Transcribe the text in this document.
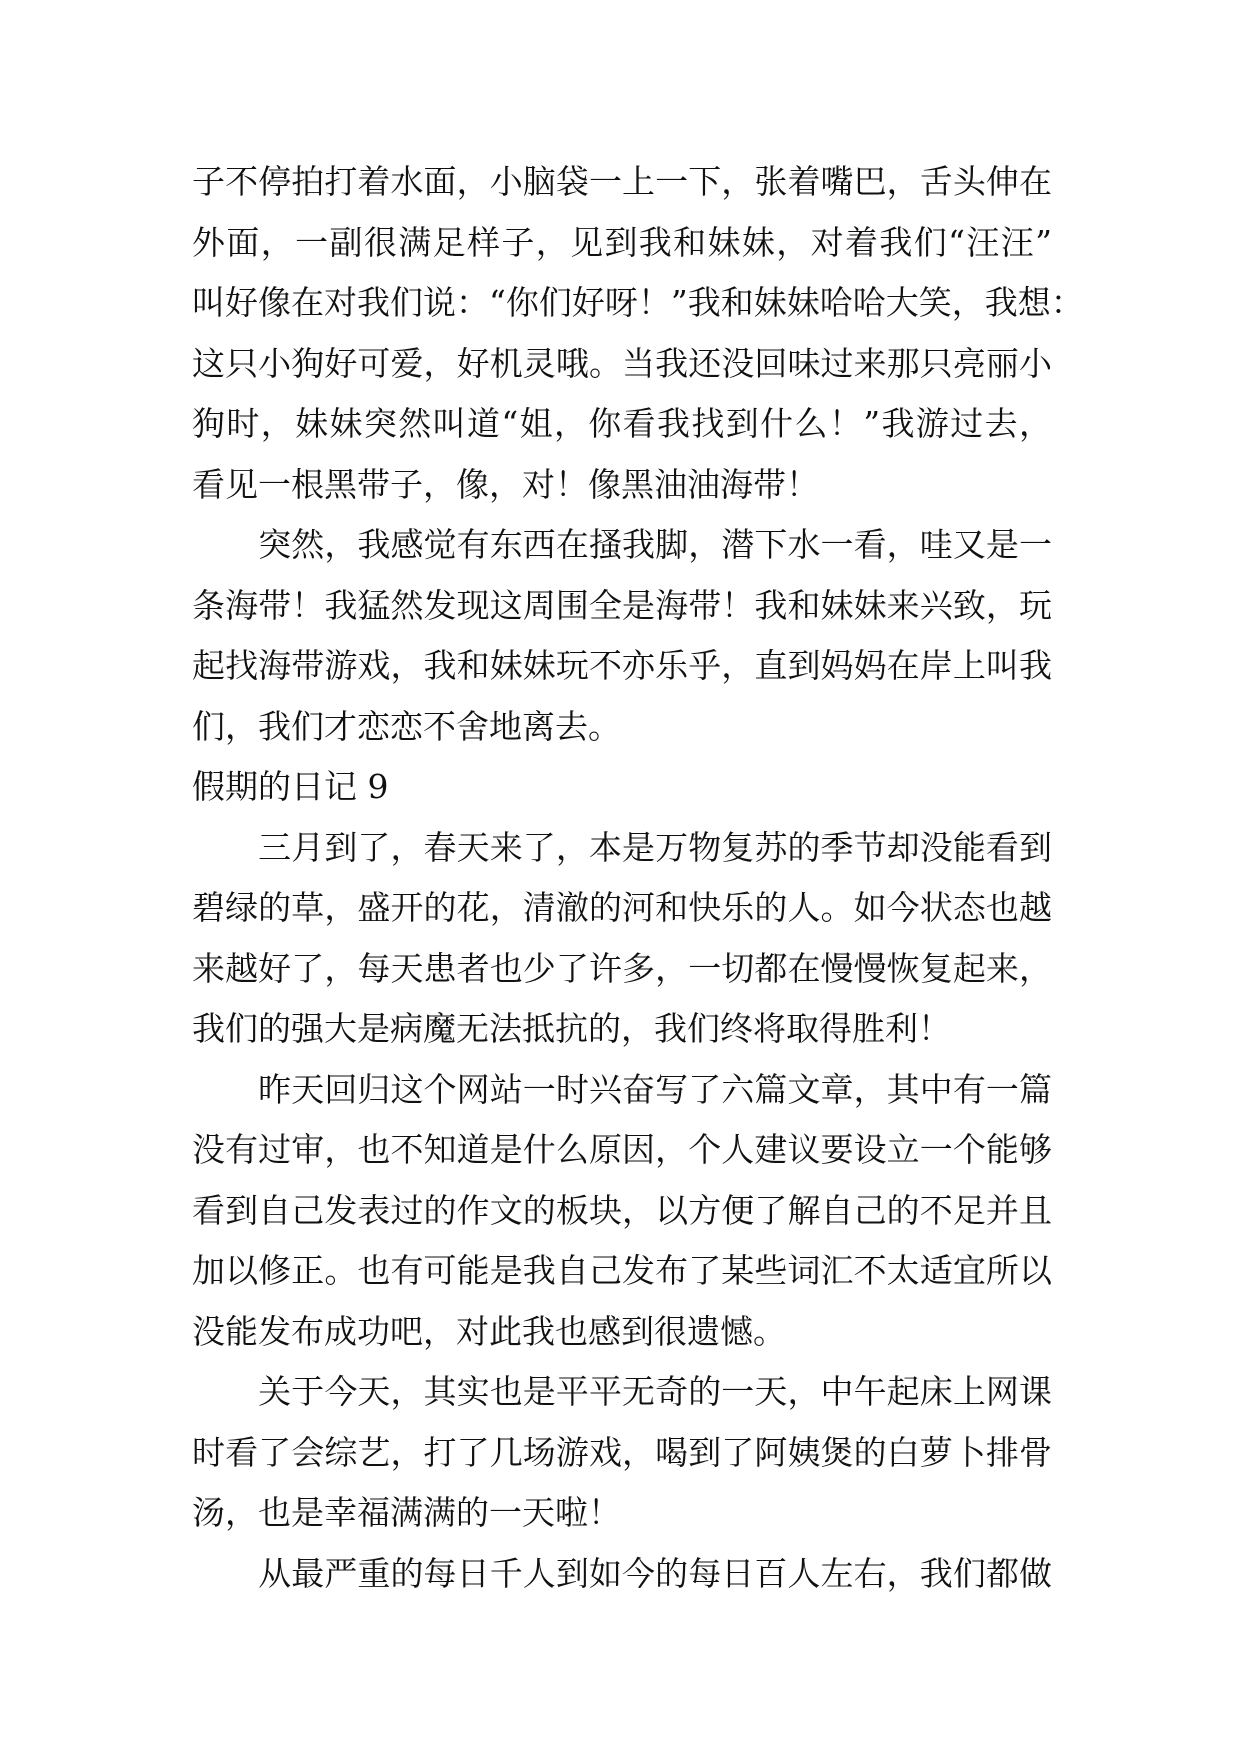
子不停拍打着水面，小脑袋一上一下，张着嘴巴，舌头伸在
外面，一副很满足样子，见到我和妹妹，对着我们“汪汪”
叫好像在对我们说：“你们好呀！”我和妹妹哈哈大笑，我想：
这只小狗好可爱，好机灵哦。当我还没回味过来那只亮丽小
狗时，妹妹突然叫道“姐，你看我找到什么！”我游过去，
看见一根黑带子，像，对！像黑油油海带！
　　突然，我感觉有东西在搔我脚，潜下水一看，哇又是一
条海带！我猛然发现这周围全是海带！我和妹妹来兴致，玩
起找海带游戏，我和妹妹玩不亦乐乎，直到妈妈在岸上叫我
们，我们才恋恋不舍地离去。
假期的日记 9
　　三月到了，春天来了，本是万物复苏的季节却没能看到
碧绿的草，盛开的花，清澈的河和快乐的人。如今状态也越
来越好了，每天患者也少了许多，一切都在慢慢恢复起来，
我们的强大是病魔无法抵抗的，我们终将取得胜利！
　　昨天回归这个网站一时兴奋写了六篇文章，其中有一篇
没有过审，也不知道是什么原因，个人建议要设立一个能够
看到自己发表过的作文的板块，以方便了解自己的不足并且
加以修正。也有可能是我自己发布了某些词汇不太适宜所以
没能发布成功吧，对此我也感到很遗憾。
　　关于今天，其实也是平平无奇的一天，中午起床上网课
时看了会综艺，打了几场游戏，喝到了阿姨煲的白萝卜排骨
汤，也是幸福满满的一天啦！
　　从最严重的每日千人到如今的每日百人左右，我们都做
